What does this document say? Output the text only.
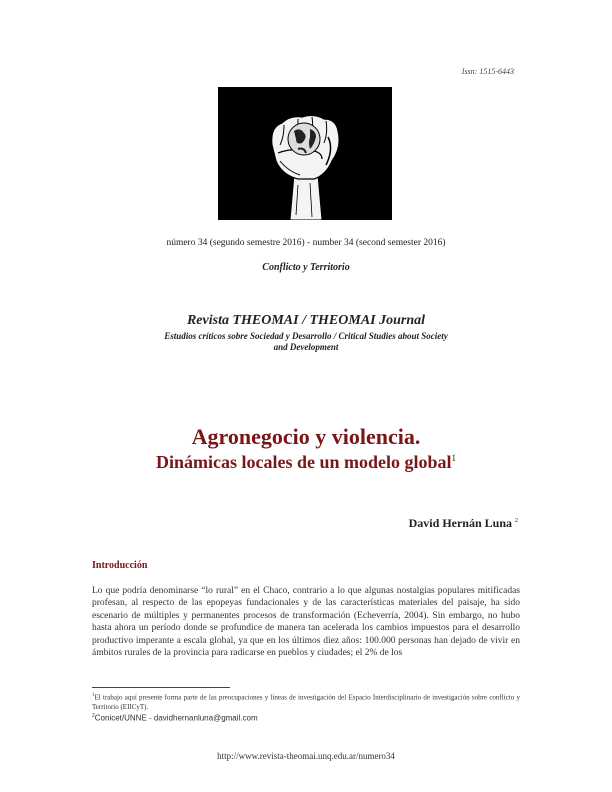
Issn: 1515-6443
número 34 (segundo semestre 2016) - number 34 (second semester 2016)
Conflicto y Territorio
Revista THEOMAI / THEOMAI Journal
Estudios críticos sobre Sociedad y Desarrollo / Critical Studies about Society and Development
Agronegocio y violencia.
Dinámicas locales de un modelo global$^1$
David Hernán Luna $^2$
Introducción
Lo que podría denominarse “lo rural” en el Chaco, contrario a lo que algunas nostalgias populares mitificadas profesan, al respecto de las epopeyas fundacionales y de las características materiales del paisaje, ha sido escenario de múltiples y permanentes procesos de transformación (Echeverría, 2004). Sin embargo, no hubo hasta ahora un período donde se profundice de manera tan acelerada los cambios impuestos para el desarrollo productivo imperante a escala global, ya que en los últimos diez años: 100.000 personas han dejado de vivir en ámbitos rurales de la provincia para radicarse en pueblos y ciudades; el 2% de los
$^1$El trabajo aquí presente forma parte de las preocupaciones y líneas de investigación del Espacio Interdisciplinario de investigación sobre conflicto y Territorio (EIICyT).
$^2$Conicet/UNNE - davidhernanluna@gmail.com
http://www.revista-theomai.unq.edu.ar/numero34
